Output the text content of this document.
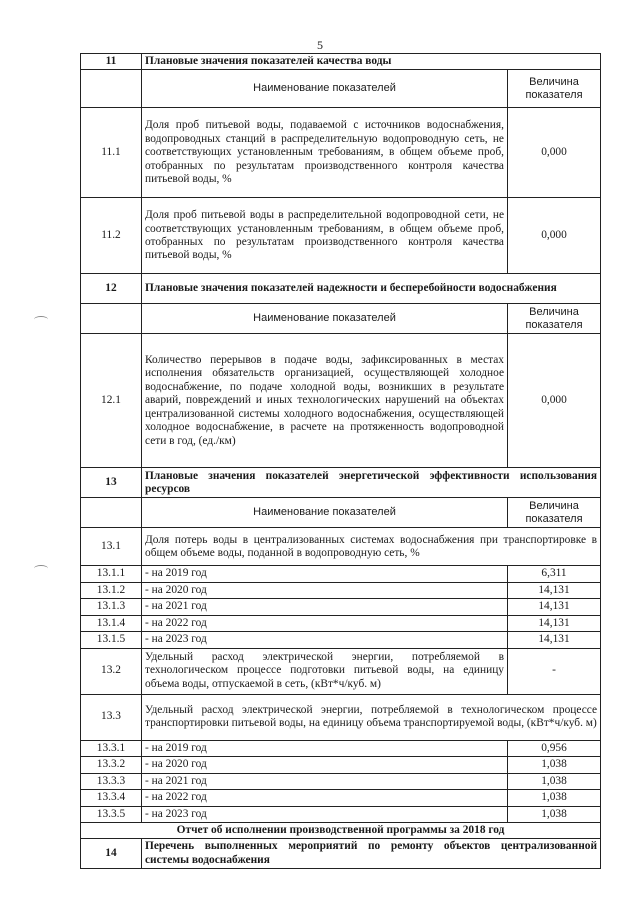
5
11	Плановые значения показателей качества воды	
	Наименование показателей	Величина показателя
11.1	Доля проб питьевой воды, подаваемой с источников водоснабжения, водопроводных станций в распределительную водопроводную сеть, не соответствующих установленным требованиям, в общем объеме проб, отобранных по результатам производственного контроля качества питьевой воды, %	0,000
11.2	Доля проб питьевой воды в распределительной водопроводной сети, не соответствующих установленным требованиям, в общем объеме проб, отобранных по результатам производственного контроля качества питьевой воды, %	0,000
12	Плановые значения показателей надежности и бесперебойности водоснабжения	
	Наименование показателей	Величина показателя
12.1	Количество перерывов в подаче воды, зафиксированных в местах исполнения обязательств организацией, осуществляющей холодное водоснабжение, по подаче холодной воды, возникших в результате аварий, повреждений и иных технологических нарушений на объектах централизованной системы холодного водоснабжения, осуществляющей холодное водоснабжение, в расчете на протяженность водопроводной сети в год, (ед./км)	0,000
13	Плановые значения показателей энергетической эффективности использования ресурсов	
	Наименование показателей	Величина показателя
13.1	Доля потерь воды в централизованных системах водоснабжения при транспортировке в общем объеме воды, поданной в водопроводную сеть, %	
13.1.1	- на 2019 год	6,311
13.1.2	- на 2020 год	14,131
13.1.3	- на 2021 год	14,131
13.1.4	- на 2022 год	14,131
13.1.5	- на 2023 год	14,131
13.2	Удельный расход электрической энергии, потребляемой в технологическом процессе подготовки питьевой воды, на единицу объема воды, отпускаемой в сеть, (кВт*ч/куб. м)	-
13.3	Удельный расход электрической энергии, потребляемой в технологическом процессе транспортировки питьевой воды, на единицу объема транспортируемой воды, (кВт*ч/куб. м)	
13.3.1	- на 2019 год	0,956
13.3.2	- на 2020 год	1,038
13.3.3	- на 2021 год	1,038
13.3.4	- на 2022 год	1,038
13.3.5	- на 2023 год	1,038
Отчет об исполнении производственной программы за 2018 год		
14	Перечень выполненных мероприятий по ремонту объектов централизованной системы водоснабжения	
